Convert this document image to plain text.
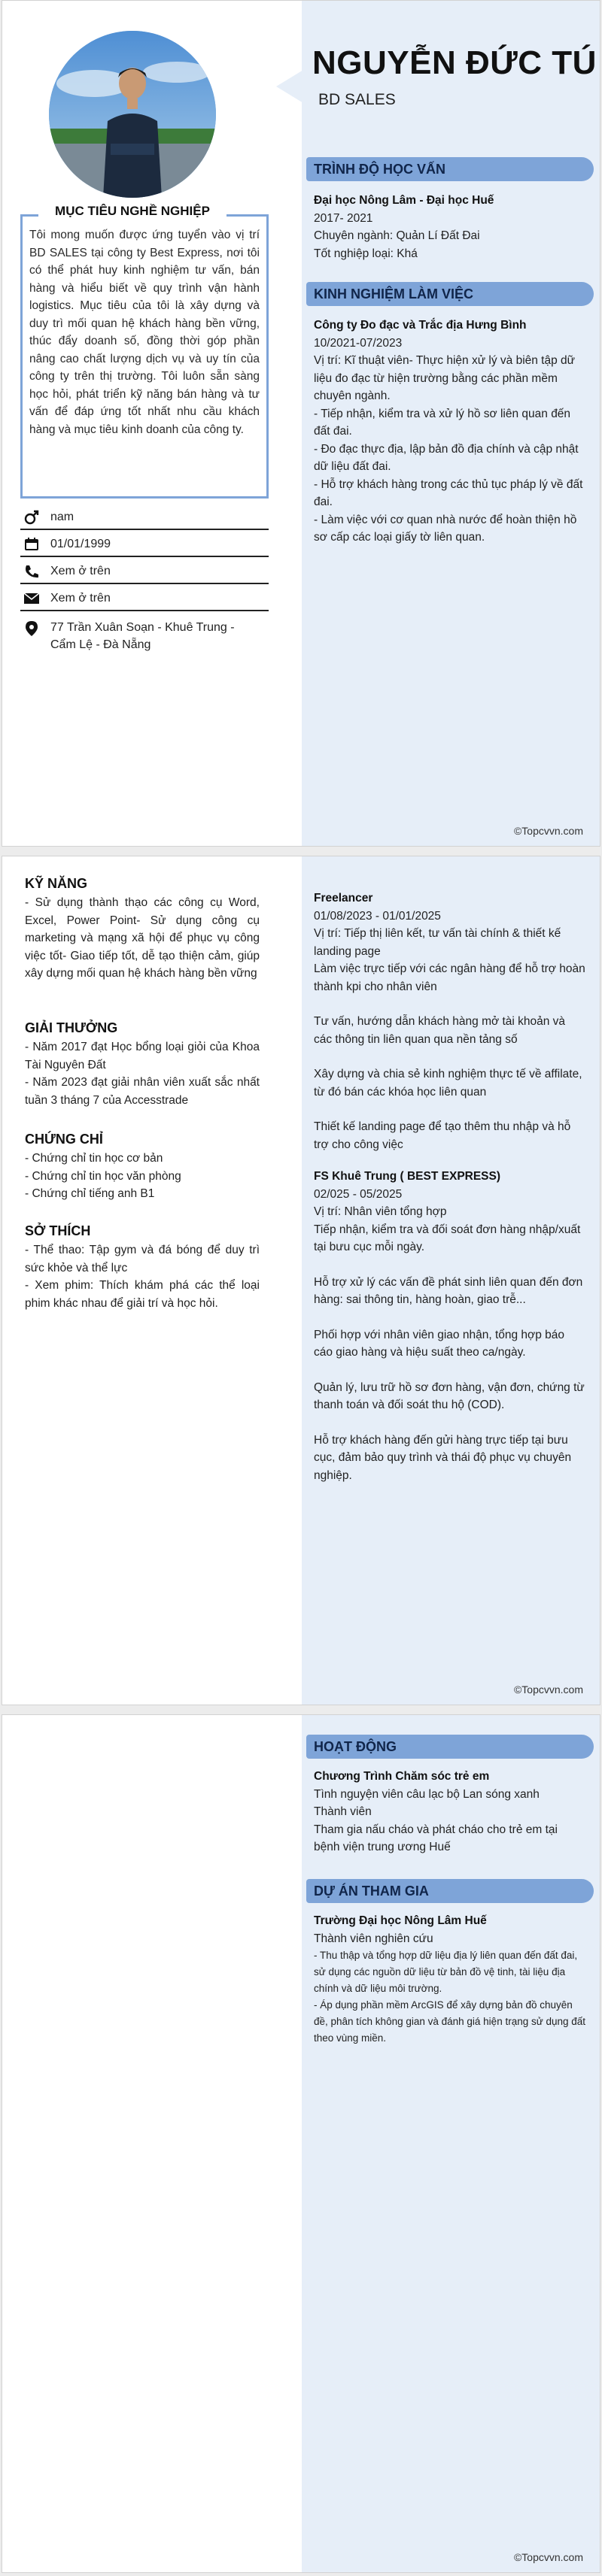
NGUYỄN ĐỨC TÚ
BD SALES
MỤC TIÊU NGHỀ NGHIỆP
Tôi mong muốn được ứng tuyển vào vị trí BD SALES tại công ty Best Express, nơi tôi có thể phát huy kinh nghiệm tư vấn, bán hàng và hiểu biết về quy trình vận hành logistics. Mục tiêu của tôi là xây dựng và duy trì mối quan hệ khách hàng bền vững, thúc đẩy doanh số, đồng thời góp phần nâng cao chất lượng dịch vụ và uy tín của công ty trên thị trường. Tôi luôn sẵn sàng học hỏi, phát triển kỹ năng bán hàng và tư vấn để đáp ứng tốt nhất nhu cầu khách hàng và mục tiêu kinh doanh của công ty.
nam
01/01/1999
Xem ở trên
Xem ở trên
77 Trần Xuân Soạn - Khuê Trung - Cẩm Lệ - Đà Nẵng
TRÌNH ĐỘ HỌC VẤN
Đại học Nông Lâm - Đại học Huế
2017- 2021
Chuyên ngành: Quản Lí Đất Đai
Tốt nghiệp loại: Khá
KINH NGHIỆM LÀM VIỆC
Công ty Đo đạc và Trắc địa Hưng Bình
10/2021-07/2023
Vị trí: Kĩ thuật viên- Thực hiện xử lý và biên tập dữ liệu đo đạc từ hiện trường bằng các phần mềm chuyên ngành.
- Tiếp nhận, kiểm tra và xử lý hồ sơ liên quan đến đất đai.
- Đo đạc thực địa, lập bản đồ địa chính và cập nhật dữ liệu đất đai.
- Hỗ trợ khách hàng trong các thủ tục pháp lý về đất đai.
- Làm việc với cơ quan nhà nước để hoàn thiện hồ sơ cấp các loại giấy tờ liên quan.
©Topcvvn.com
KỸ NĂNG
- Sử dụng thành thạo các công cụ Word, Excel, Power Point- Sử dụng công cụ marketing và mạng xã hội để phục vụ công việc tốt- Giao tiếp tốt, dễ tạo thiện cảm, giúp xây dựng mối quan hệ khách hàng bền vững
GIẢI THƯỞNG
- Năm 2017 đạt Học bổng loại giỏi của Khoa Tài Nguyên Đất
- Năm 2023 đạt giải nhân viên xuất sắc nhất tuần 3 tháng 7 của Accesstrade
CHỨNG CHỈ
- Chứng chỉ tin học cơ bản
- Chứng chỉ tin học văn phòng
- Chứng chỉ tiếng anh B1
SỞ THÍCH
- Thể thao: Tập gym và đá bóng để duy trì sức khỏe và thể lực
- Xem phim: Thích khám phá các thể loại phim khác nhau để giải trí và học hỏi.
Freelancer
01/08/2023 - 01/01/2025
Vị trí: Tiếp thị liên kết, tư vấn tài chính & thiết kế landing page
Làm việc trực tiếp với các ngân hàng để hỗ trợ hoàn thành kpi cho nhân viên
Tư vấn, hướng dẫn khách hàng mở tài khoản và các thông tin liên quan qua nền tảng số
Xây dựng và chia sẻ kinh nghiệm thực tế về affilate, từ đó bán các khóa học liên quan
Thiết kế landing page để tạo thêm thu nhập và hỗ trợ cho công việc
FS Khuê Trung ( BEST EXPRESS)
02/025 - 05/2025
Vị trí: Nhân viên tổng hợp
Tiếp nhận, kiểm tra và đối soát đơn hàng nhập/xuất tại bưu cục mỗi ngày.
Hỗ trợ xử lý các vấn đề phát sinh liên quan đến đơn hàng: sai thông tin, hàng hoàn, giao trễ...
Phối hợp với nhân viên giao nhận, tổng hợp báo cáo giao hàng và hiệu suất theo ca/ngày.
Quản lý, lưu trữ hồ sơ đơn hàng, vận đơn, chứng từ thanh toán và đối soát thu hộ (COD).
Hỗ trợ khách hàng đến gửi hàng trực tiếp tại bưu cục, đảm bảo quy trình và thái độ phục vụ chuyên nghiệp.
©Topcvvn.com
HOẠT ĐỘNG
Chương Trình Chăm sóc trẻ em
Tình nguyện viên câu lạc bộ Lan sóng xanh
Thành viên
Tham gia nấu cháo và phát cháo cho trẻ em tại bệnh viện trung ương Huế
DỰ ÁN THAM GIA
Trường Đại học Nông Lâm Huế
Thành viên nghiên cứu
- Thu thập và tổng hợp dữ liệu địa lý liên quan đến đất đai, sử dụng các nguồn dữ liệu từ bản đồ vệ tinh, tài liệu địa chính và dữ liệu môi trường.
- Áp dụng phần mềm ArcGIS để xây dựng bản đồ chuyên đề, phân tích không gian và đánh giá hiện trạng sử dụng đất theo vùng miền.
©Topcvvn.com
